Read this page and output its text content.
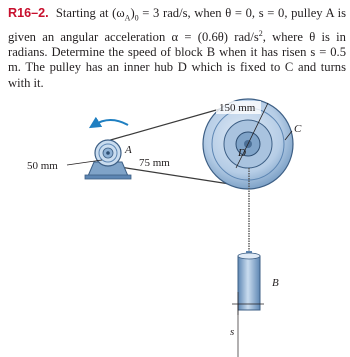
R16–2. Starting at $(\omega_A)_0 = 3$ rad/s, when θ = 0, s = 0, pulley A is given an angular acceleration α = (0.6θ) rad/$s^2$, where θ is in radians. Determine the speed of block B when it has risen s = 0.5 m. The pulley has an inner hub D which is fixed to C and turns with it.
150 mm
D
C
75 mm
A
50 mm
B
s
